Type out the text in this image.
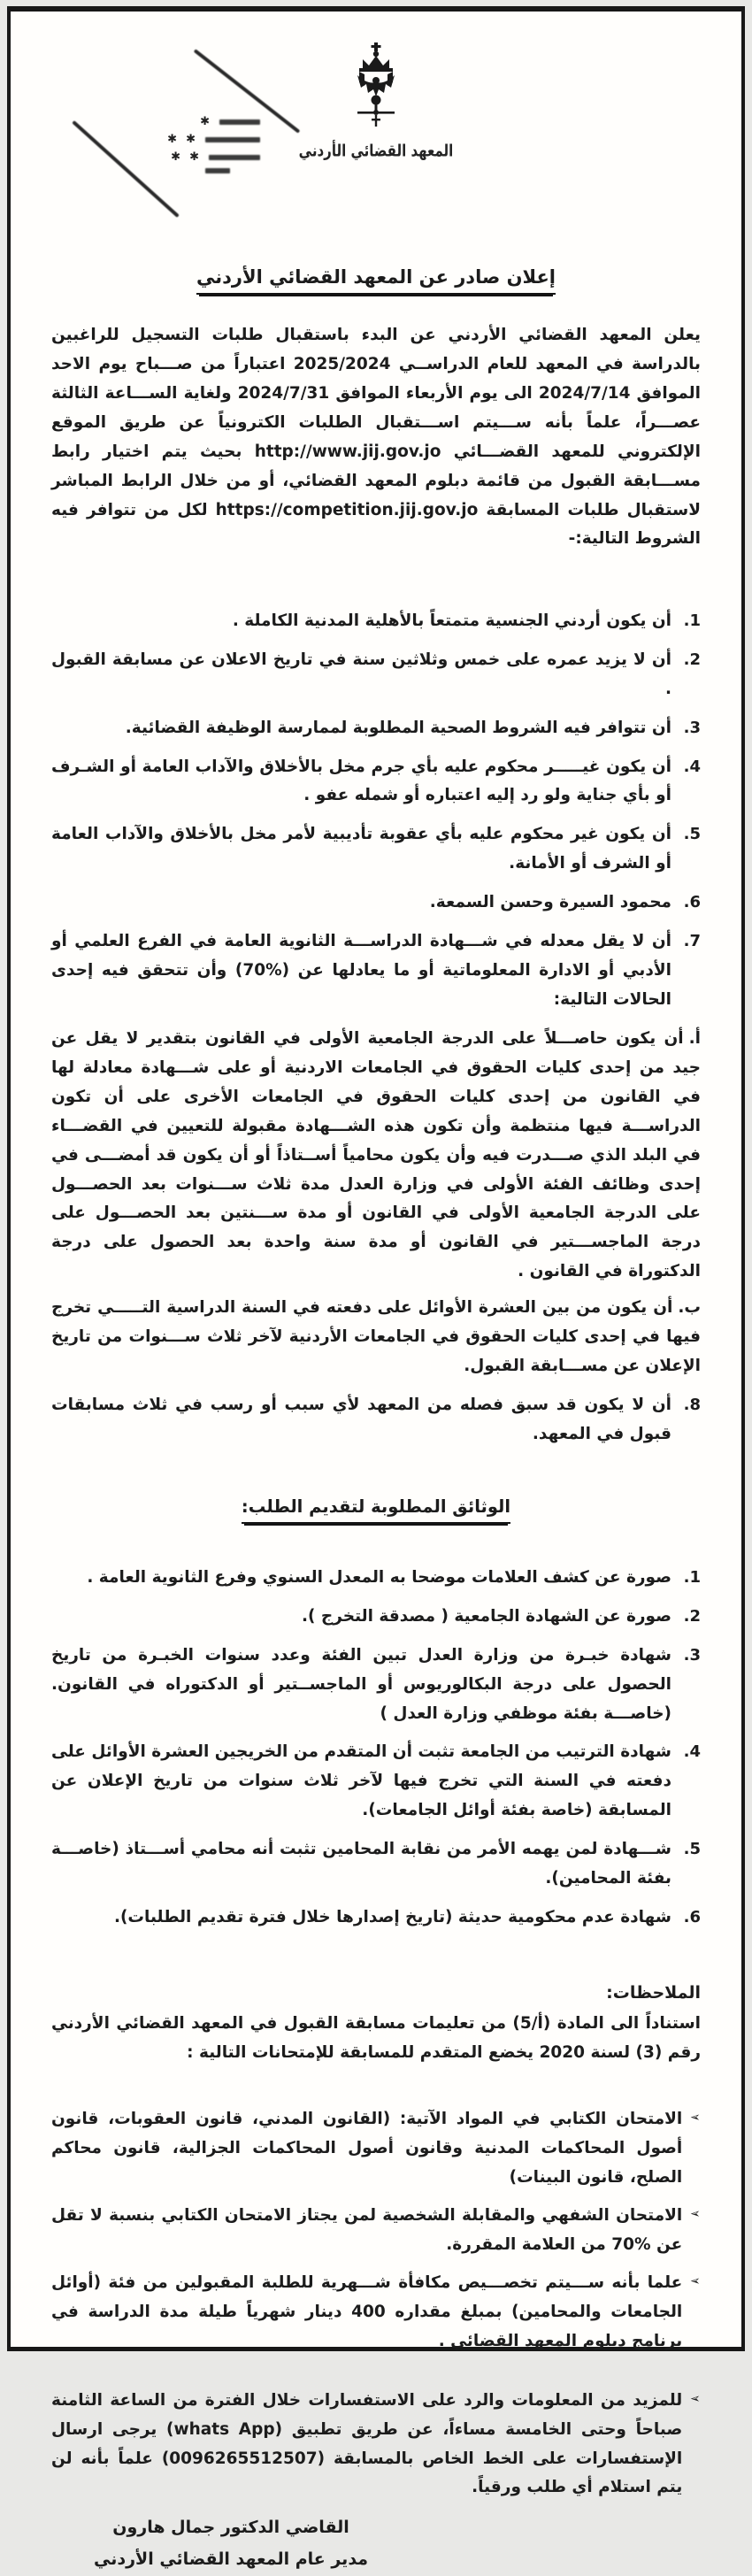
✱
✱ ✱
✱ ✱	المعهد القضائي الأردني
إعلان صادر عن المعهد القضائي الأردني

يعلن المعهد القضائي الأردني عن البدء باستقبال طلبات التسجيل للراغبين بالدراسة في المعهد للعام الدراســي 2025/2024 اعتباراً من صـــباح يوم الاحد الموافق 2024/7/14 الى يوم الأربعاء الموافق 2024/7/31 ولغاية الســـاعة الثالثة عصـــراً، علماً بأنه ســـيتم اســـتقبال الطلبات الكترونياً عن طريق الموقع الإلكتروني للمعهد القضـــائي http://www.jij.gov.jo بحيث يتم اختيار رابط مســـابقة القبول من قائمة دبلوم المعهد القضائي، أو من خلال الرابط المباشر لاستقبال طلبات المسابقة https://competition.jij.gov.jo لكل من تتوافر فيه الشروط التالية:-

1.
أن يكون أردني الجنسية متمتعاً بالأهلية المدنية الكاملة .
2.
أن لا يزيد عمره على خمس وثلاثين سنة في تاريخ الاعلان عن مسابقة القبول .
3.
أن تتوافر فيه الشروط الصحية المطلوبة لممارسة الوظيفة القضائية.
4.
أن يكون غيـــــر محكوم عليه بأي جرم مخل بالأخلاق والآداب العامة أو الشـرف أو بأي جناية ولو رد إليه اعتباره أو شمله عفو .
5.
أن يكون غير محكوم عليه بأي عقوبة تأديبية لأمر مخل بالأخلاق والآداب العامة أو الشرف أو الأمانة.
6.
محمود السيرة وحسن السمعة.
7.
أن لا يقل معدله في شـــهادة الدراســـة الثانوية العامة في الفرع العلمي أو الأدبي أو الادارة المعلوماتية أو ما يعادلها عن (%70) وأن تتحقق فيه إحدى الحالات التالية:
أ.أن يكون حاصـــلاً على الدرجة الجامعية الأولى في القانون بتقدير لا يقل عن جيد من إحدى كليات الحقوق في الجامعات الاردنية أو على شـــهادة معادلة لها في القانون من إحدى كليات الحقوق في الجامعات الأخرى على أن تكون الدراســـة فيها منتظمة وأن تكون هذه الشـــهادة مقبولة للتعيين في القضـــاء في البلد الذي صـــدرت فيه وأن يكون محامياً أســتاذاً أو أن يكون قد أمضـــى في إحدى وظائف الفئة الأولى في وزارة العدل مدة ثلاث ســـنوات بعد الحصـــول على الدرجة الجامعية الأولى في القانون أو مدة ســـنتين بعد الحصـــول على درجة الماجســـتير في القانون أو مدة سنة واحدة بعد الحصول على درجة الدكتوراة في القانون .
ب.أن يكون من بين العشرة الأوائل على دفعته في السنة الدراسية التـــــي تخرج فيها في إحدى كليات الحقوق في الجامعات الأردنية لآخر ثلاث ســـنوات من تاريخ الإعلان عن مســـابقة القبول.
8.
أن لا يكون قد سبق فصله من المعهد لأي سبب أو رسب في ثلاث مسابقات قبول في المعهد.
الوثائق المطلوبة لتقديم الطلب:
1.
صورة عن كشف العلامات موضحا به المعدل السنوي وفرع الثانوية العامة .
2.
صورة عن الشهادة الجامعية ( مصدقة التخرج ).
3.
شهادة خبـرة من وزارة العدل تبين الفئة وعدد سنوات الخبـرة من تاريخ الحصول على درجة البكالوريوس أو الماجســتير أو الدكتوراه في القانون.(خاصـــة بفئة موظفي وزارة العدل )
4.
شهادة الترتيب من الجامعة تثبت أن المتقدم من الخريجين العشرة الأوائل على دفعته في السنة التي تخرج فيها لآخر ثلاث سنوات من تاريخ الإعلان عن المسابقة (خاصة بفئة أوائل الجامعات).
5.
شـــهادة لمن يهمه الأمر من نقابة المحامين تثبت أنه محامي أســـتاذ (خاصـــة بفئة المحامين).
6.
شهادة عدم محكومية حديثة (تاريخ إصدارها خلال فترة تقديم الطلبات).
الملاحظات:

استناداً الى المادة (أ/5) من تعليمات مسابقة القبول في المعهد القضائي الأردني رقم (3) لسنة 2020 يخضع المتقدم للمسابقة للإمتحانات التالية :

➢
الامتحان الكتابي في المواد الآتية: (القانون المدني، قانون العقوبات، قانون أصول المحاكمات المدنية وقانون أصول المحاكمات الجزالية، قانون محاكم الصلح، قانون البينات)
➢
الامتحان الشفهي والمقابلة الشخصية لمن يجتاز الامتحان الكتابي بنسبة لا تقل عن %70 من العلامة المقررة.
➢
علما بأنه ســـيتم تخصـــيص مكافأة شـــهرية للطلبة المقبولين من فئة (أوائل الجامعات والمحامين) بمبلغ مقداره 400 دينار شهرياً طيلة مدة الدراسة في برنامج دبلوم المعهد القضائي .
➢
للمزيد من المعلومات والرد على الاستفسارات خلال الفترة من الساعة الثامنة صباحاً وحتى الخامسة مساءاً، عن طريق تطبيق (whats App) يرجى ارسال الإستفسارات على الخط الخاص بالمسابقة (0096265512507) علماً بأنه لن يتم استلام أي طلب ورقياً.
القاضي الدكتور جمال هارون
مدير عام المعهد القضائي الأردني
